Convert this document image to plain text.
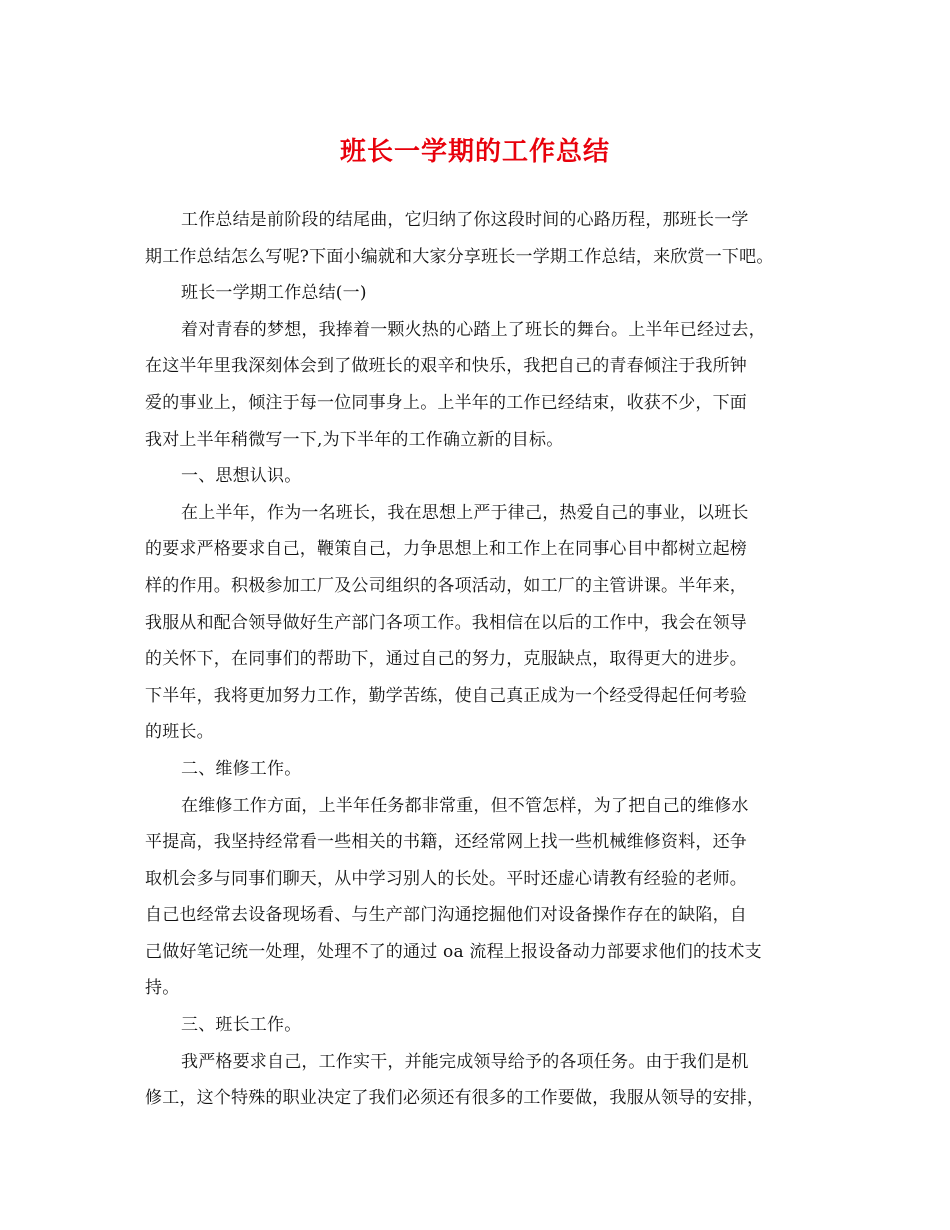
班长一学期的工作总结
工作总结是前阶段的结尾曲，它归纳了你这段时间的心路历程，那班长一学
期工作总结怎么写呢?下面小编就和大家分享班长一学期工作总结，来欣赏一下吧。
班长一学期工作总结(一)
着对青春的梦想，我捧着一颗火热的心踏上了班长的舞台。上半年已经过去，
在这半年里我深刻体会到了做班长的艰辛和快乐，我把自己的青春倾注于我所钟
爱的事业上，倾注于每一位同事身上。上半年的工作已经结束，收获不少，下面
我对上半年稍微写一下,为下半年的工作确立新的目标。
一、思想认识。
在上半年，作为一名班长，我在思想上严于律己，热爱自己的事业，以班长
的要求严格要求自己，鞭策自己，力争思想上和工作上在同事心目中都树立起榜
样的作用。积极参加工厂及公司组织的各项活动，如工厂的主管讲课。半年来，
我服从和配合领导做好生产部门各项工作。我相信在以后的工作中，我会在领导
的关怀下，在同事们的帮助下，通过自己的努力，克服缺点，取得更大的进步。
下半年，我将更加努力工作，勤学苦练，使自己真正成为一个经受得起任何考验
的班长。
二、维修工作。
在维修工作方面，上半年任务都非常重，但不管怎样，为了把自己的维修水
平提高，我坚持经常看一些相关的书籍，还经常网上找一些机械维修资料，还争
取机会多与同事们聊天，从中学习别人的长处。平时还虚心请教有经验的老师。
自己也经常去设备现场看、与生产部门沟通挖掘他们对设备操作存在的缺陷，自
己做好笔记统一处理，处理不了的通过 oa 流程上报设备动力部要求他们的技术支
持。
三、班长工作。
我严格要求自己，工作实干，并能完成领导给予的各项任务。由于我们是机
修工，这个特殊的职业决定了我们必须还有很多的工作要做，我服从领导的安排，
